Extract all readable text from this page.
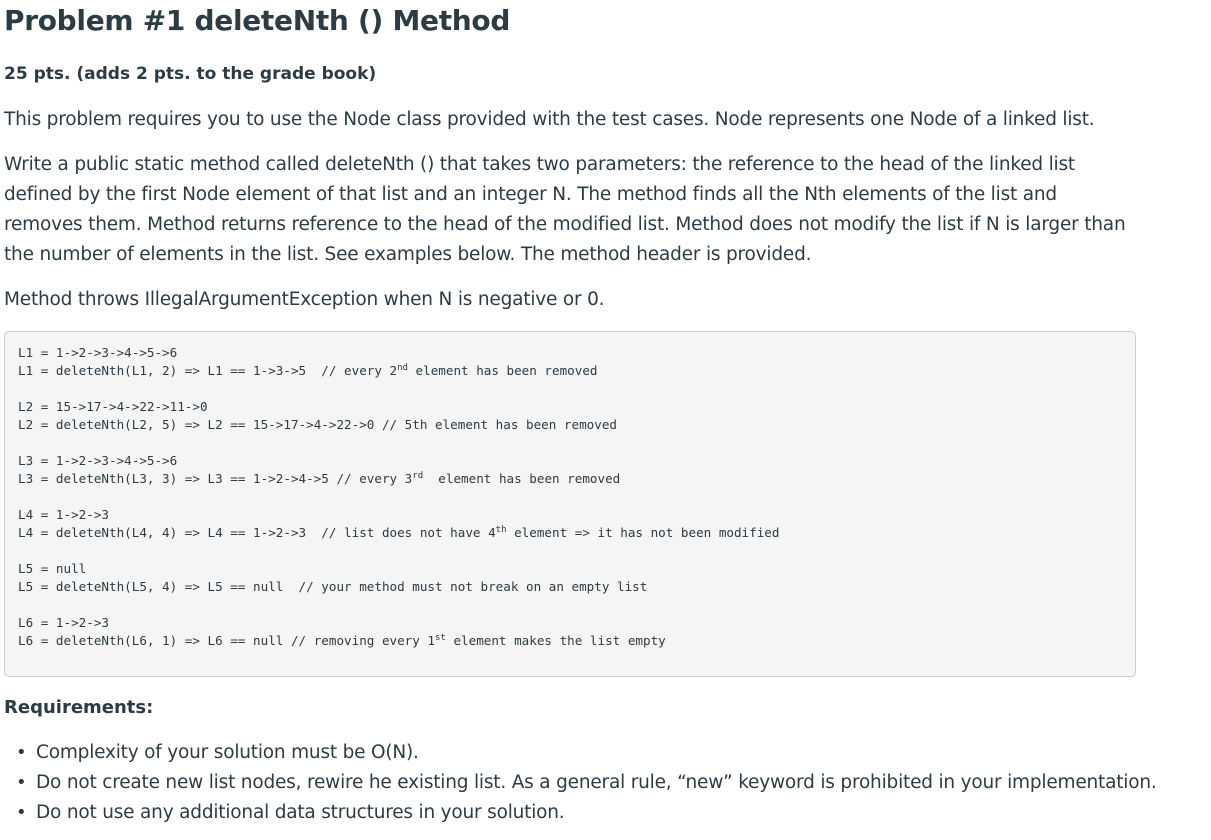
Problem #1 deleteNth () Method

25 pts. (adds 2 pts. to the grade book)

This problem requires you to use the Node class provided with the test cases. Node represents one Node of a linked list.

Write a public static method called deleteNth () that takes two parameters: the reference to the head of the linked list defined by the first Node element of that list and an integer N. The method finds all the Nth elements of the list and removes them. Method returns reference to the head of the modified list. Method does not modify the list if N is larger than the number of elements in the list. See examples below. The method header is provided.

Method throws IllegalArgumentException when N is negative or 0.

L1 = 1->2->3->4->5->6
L1 = deleteNth(L1, 2) => L1 == 1->3->5  // every 2nd element has been removed
L2 = 15->17->4->22->11->0
L2 = deleteNth(L2, 5) => L2 == 15->17->4->22->0 // 5th element has been removed
L3 = 1->2->3->4->5->6
L3 = deleteNth(L3, 3) => L3 == 1->2->4->5 // every 3rd  element has been removed
L4 = 1->2->3
L4 = deleteNth(L4, 4) => L4 == 1->2->3  // list does not have 4th element => it has not been modified
L5 = null
L5 = deleteNth(L5, 4) => L5 == null  // your method must not break on an empty list
L6 = 1->2->3
L6 = deleteNth(L6, 1) => L6 == null // removing every 1st element makes the list empty
Requirements:
• Complexity of your solution must be O(N).
• Do not create new list nodes, rewire he existing list. As a general rule, “new” keyword is prohibited in your implementation.
• Do not use any additional data structures in your solution.
